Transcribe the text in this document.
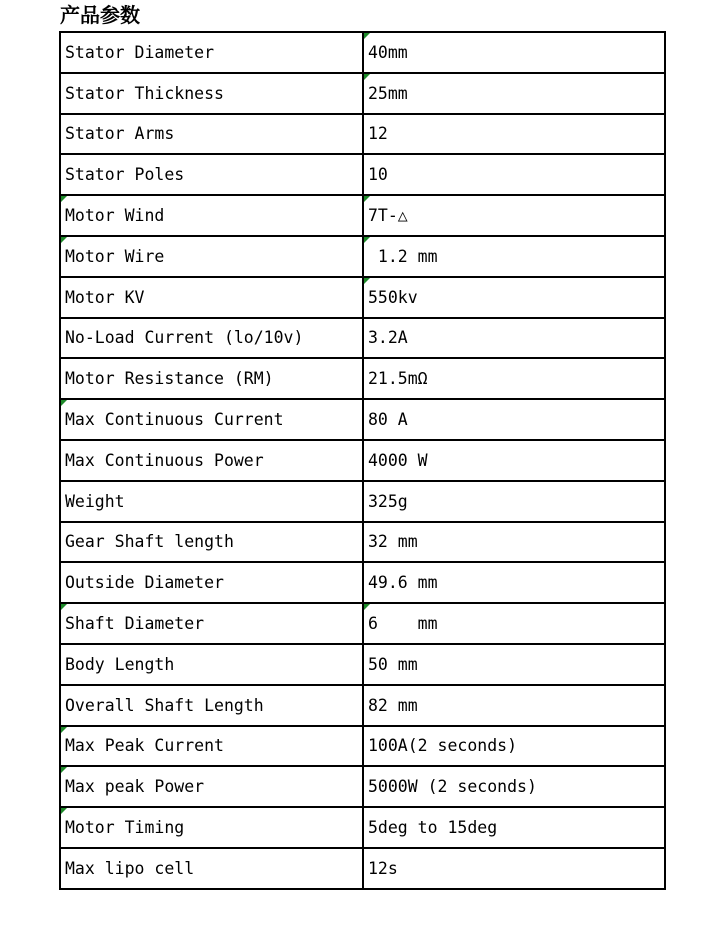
产品参数
Stator Diameter	40mm
Stator Thickness	25mm
Stator Arms	12
Stator Poles	10
Motor Wind	7T-△
Motor Wire	1.2 mm
Motor KV	550kv
No-Load Current (lo/10v)	3.2A
Motor Resistance (RM)	21.5mΩ
Max Continuous Current	80 A
Max Continuous Power	4000 W
Weight	325g
Gear Shaft length	32 mm
Outside Diameter	49.6 mm
Shaft Diameter	6    mm
Body Length	50 mm
Overall Shaft Length	82 mm
Max Peak Current	100A(2 seconds)
Max peak Power	5000W (2 seconds)
Motor Timing	5deg to 15deg
Max lipo cell	12s
